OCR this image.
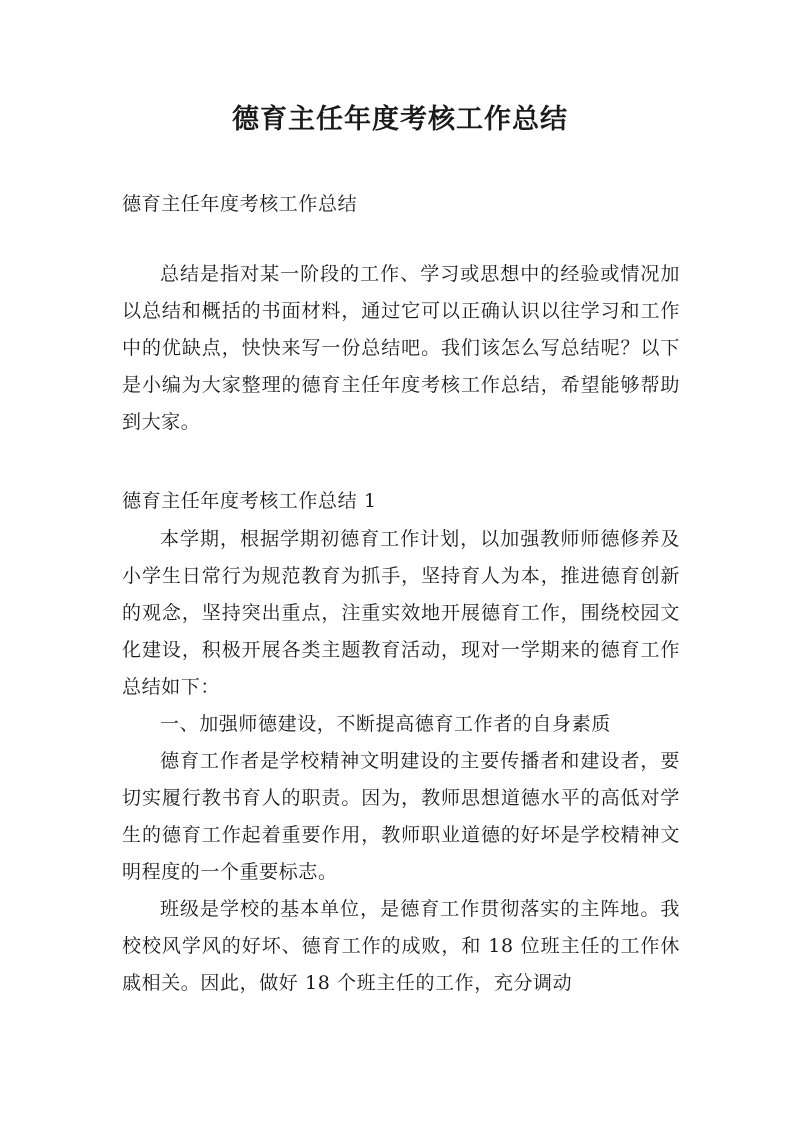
德育主任年度考核工作总结

德育主任年度考核工作总结

总结是指对某一阶段的工作、学习或思想中的经验或情况加以总结和概括的书面材料，通过它可以正确认识以往学习和工作中的优缺点，快快来写一份总结吧。我们该怎么写总结呢？以下是小编为大家整理的德育主任年度考核工作总结，希望能够帮助到大家。

德育主任年度考核工作总结 1

本学期，根据学期初德育工作计划，以加强教师师德修养及小学生日常行为规范教育为抓手，坚持育人为本，推进德育创新的观念，坚持突出重点，注重实效地开展德育工作，围绕校园文化建设，积极开展各类主题教育活动，现对一学期来的德育工作总结如下：

一、加强师德建设，不断提高德育工作者的自身素质

德育工作者是学校精神文明建设的主要传播者和建设者，要切实履行教书育人的职责。因为，教师思想道德水平的高低对学生的德育工作起着重要作用，教师职业道德的好坏是学校精神文明程度的一个重要标志。

班级是学校的基本单位，是德育工作贯彻落实的主阵地。我校校风学风的好坏、德育工作的成败，和 18 位班主任的工作休戚相关。因此，做好 18 个班主任的工作，充分调动
